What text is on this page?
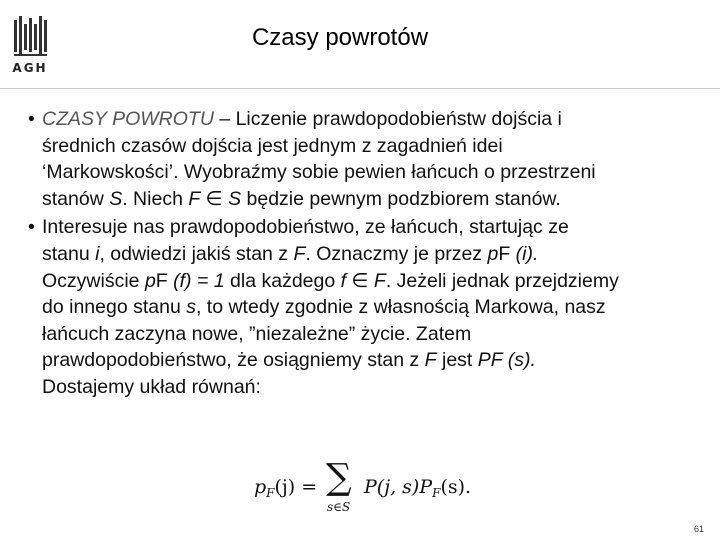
AGH
Czasy powrotów
• CZASY POWROTU – Liczenie prawdopodobieństw dojścia i
średnich czasów dojścia jest jednym z zagadnień idei
‘Markowskości’. Wyobraźmy sobie pewien łańcuch o przestrzeni
stanów S. Niech F ∈ S będzie pewnym podzbiorem stanów.

• Interesuje nas prawdopodobieństwo, ze łańcuch, startując ze
stanu i, odwiedzi jakiś stan z F. Oznaczmy je przez pF (i).
Oczywiście pF (f) = 1 dla każdego f ∈ F. Jeżeli jednak przejdziemy
do innego stanu s, to wtedy zgodnie z własnością Markowa, nasz
łańcuch zaczyna nowe, ”niezależne” życie. Zatem
prawdopodobieństwo, że osiągniemy stan z F jest PF (s).
Dostajemy układ równań:

$p_F(j)$ = ∑
s∈S
P(j, $s)P_F(s)$.
61
